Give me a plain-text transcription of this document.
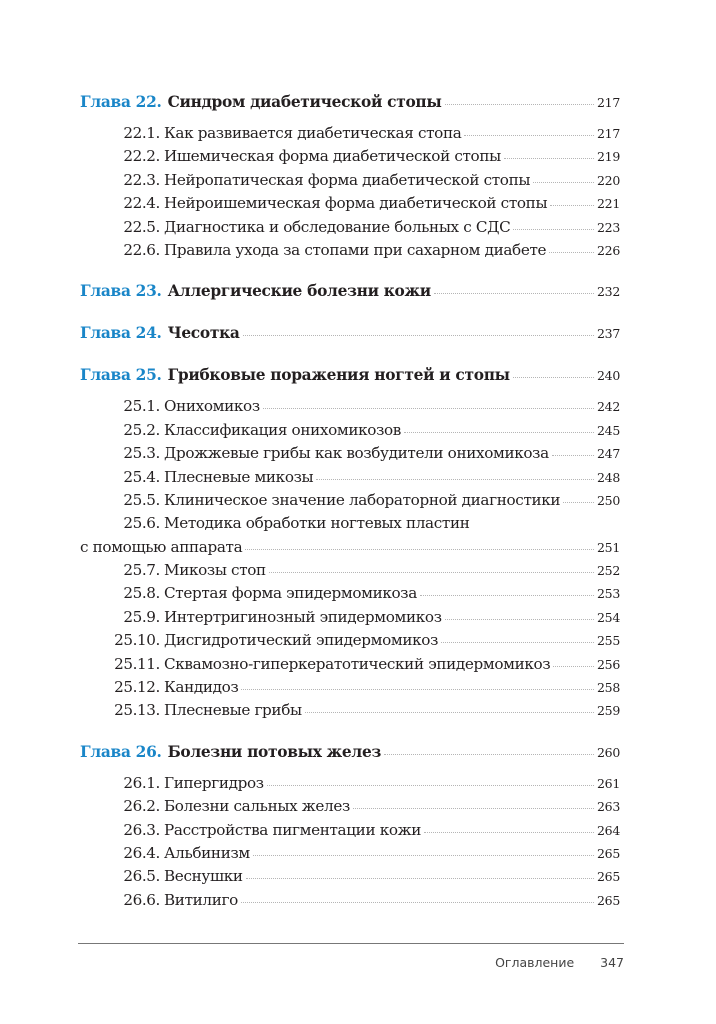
Глава 22. Синдром диабетической стопы	217
22.1. Как развивается диабетическая стопа	217
22.2. Ишемическая форма диабетической стопы	219
22.3. Нейропатическая форма диабетической стопы	220
22.4. Нейроишемическая форма диабетической стопы	221
22.5. Диагностика и обследование больных с СДС	223
22.6. Правила ухода за стопами при сахарном диабете	226
Глава 23. Аллергические болезни кожи	232
Глава 24. Чесотка	237
Глава 25. Грибковые поражения ногтей и стопы	240
25.1. Онихомикоз	242
25.2. Классификация онихомикозов	245
25.3. Дрожжевые грибы как возбудители онихомикоза	247
25.4. Плесневые микозы	248
25.5. Клиническое значение лабораторной диагностики	250
25.6. Методика обработки ногтевых пластин
с помощью аппарата	251
25.7. Микозы стоп	252
25.8. Стертая форма эпидермомикоза	253
25.9. Интертригинозный эпидермомикоз	254
25.10. Дисгидротический эпидермомикоз	255
25.11. Сквамозно-гиперкератотический эпидермомикоз	256
25.12. Кандидоз	258
25.13. Плесневые грибы	259
Глава 26. Болезни потовых желез	260
26.1. Гипергидроз	261
26.2. Болезни сальных желез	263
26.3. Расстройства пигментации кожи	264
26.4. Альбинизм	265
26.5. Веснушки	265
26.6. Витилиго	265
Оглавление 347
